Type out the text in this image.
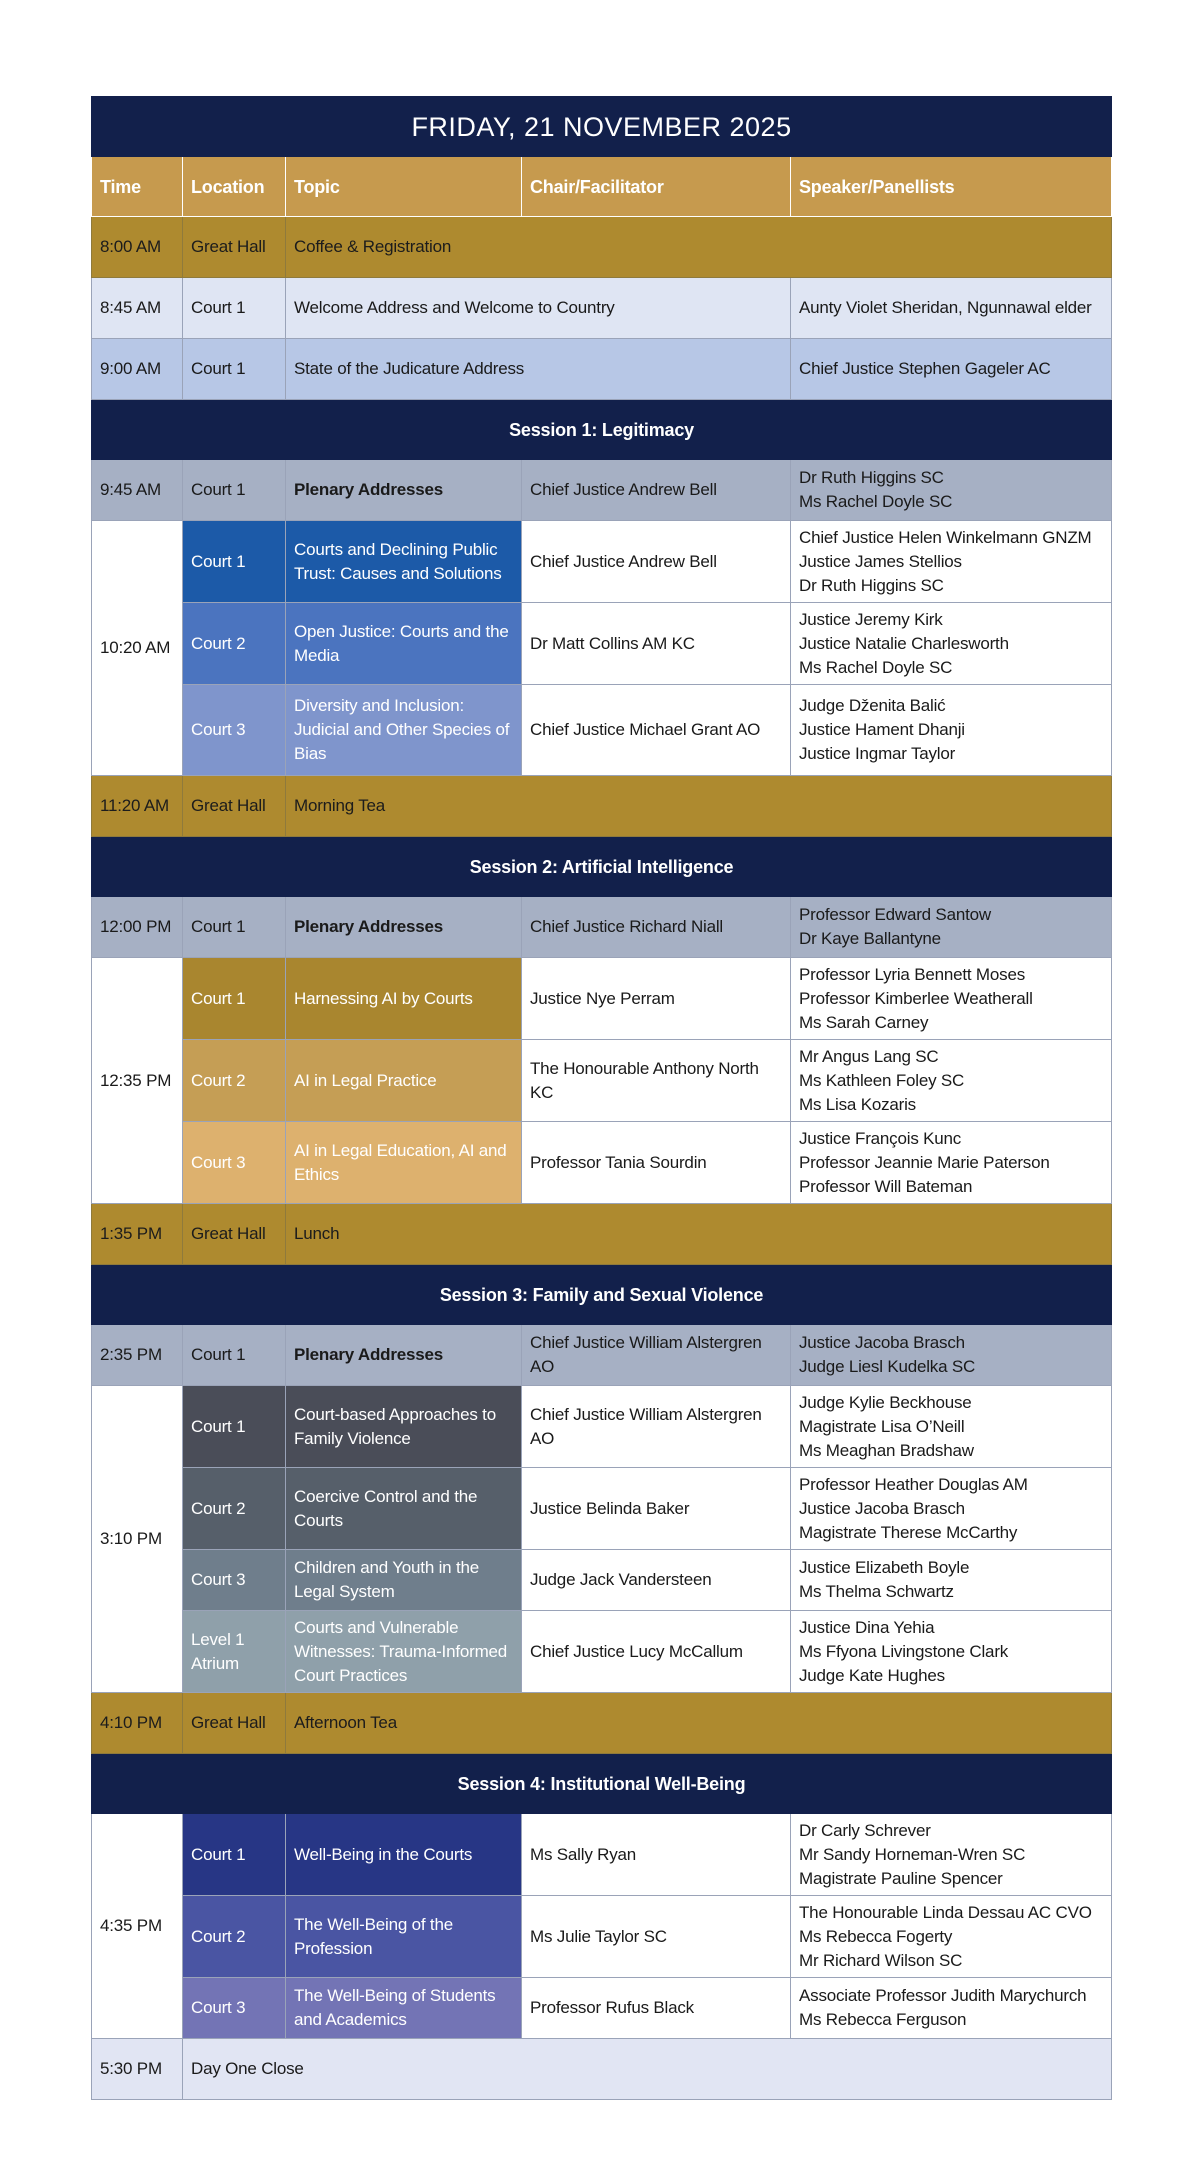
FRIDAY, 21 NOVEMBER 2025				
Time	Location	Topic	Chair/Facilitator	Speaker/Panellists
8:00 AM	Great Hall	Coffee & Registration		
8:45 AM	Court 1	Welcome Address and Welcome to Country		Aunty Violet Sheridan, Ngunnawal elder
9:00 AM	Court 1	State of the Judicature Address		Chief Justice Stephen Gageler AC
Session 1: Legitimacy				
9:45 AM	Court 1	Plenary Addresses	Chief Justice Andrew Bell	Dr Ruth Higgins SC
Ms Rachel Doyle SC

10:20 AM	Court 1	Courts and Declining Public Trust: Causes and Solutions	Chief Justice Andrew Bell	Chief Justice Helen Winkelmann GNZM
Justice James Stellios
Dr Ruth Higgins SC

	Court 2	Open Justice: Courts and the Media	Dr Matt Collins AM KC	Justice Jeremy Kirk
Justice Natalie Charlesworth
Ms Rachel Doyle SC

	Court 3	Diversity and Inclusion: Judicial and Other Species of Bias	Chief Justice Michael Grant AO	Judge Dženita Balić
Justice Hament Dhanji
Justice Ingmar Taylor

11:20 AM	Great Hall	Morning Tea		
Session 2: Artificial Intelligence				
12:00 PM	Court 1	Plenary Addresses	Chief Justice Richard Niall	Professor Edward Santow
Dr Kaye Ballantyne

12:35 PM	Court 1	Harnessing AI by Courts	Justice Nye Perram	Professor Lyria Bennett Moses
Professor Kimberlee Weatherall
Ms Sarah Carney

	Court 2	AI in Legal Practice	The Honourable Anthony North KC	Mr Angus Lang SC
Ms Kathleen Foley SC
Ms Lisa Kozaris

	Court 3	AI in Legal Education, AI and Ethics	Professor Tania Sourdin	Justice François Kunc
Professor Jeannie Marie Paterson
Professor Will Bateman

1:35 PM	Great Hall	Lunch		
Session 3: Family and Sexual Violence				
2:35 PM	Court 1	Plenary Addresses	Chief Justice William Alstergren AO	Justice Jacoba Brasch
Judge Liesl Kudelka SC

3:10 PM	Court 1	Court-based Approaches to Family Violence	Chief Justice William Alstergren AO	Judge Kylie Beckhouse
Magistrate Lisa O’Neill
Ms Meaghan Bradshaw

	Court 2	Coercive Control and the Courts	Justice Belinda Baker	Professor Heather Douglas AM
Justice Jacoba Brasch
Magistrate Therese McCarthy

	Court 3	Children and Youth in the Legal System	Judge Jack Vandersteen	Justice Elizabeth Boyle
Ms Thelma Schwartz

	Level 1 Atrium	Courts and Vulnerable Witnesses: Trauma-Informed Court Practices	Chief Justice Lucy McCallum	Justice Dina Yehia
Ms Ffyona Livingstone Clark
Judge Kate Hughes

4:10 PM	Great Hall	Afternoon Tea		
Session 4: Institutional Well-Being				
4:35 PM	Court 1	Well-Being in the Courts	Ms Sally Ryan	Dr Carly Schrever
Mr Sandy Horneman-Wren SC
Magistrate Pauline Spencer

	Court 2	The Well-Being of the Profession	Ms Julie Taylor SC	The Honourable Linda Dessau AC CVO
Ms Rebecca Fogerty
Mr Richard Wilson SC

	Court 3	The Well-Being of Students and Academics	Professor Rufus Black	Associate Professor Judith Marychurch
Ms Rebecca Ferguson

5:30 PM	Day One Close			
